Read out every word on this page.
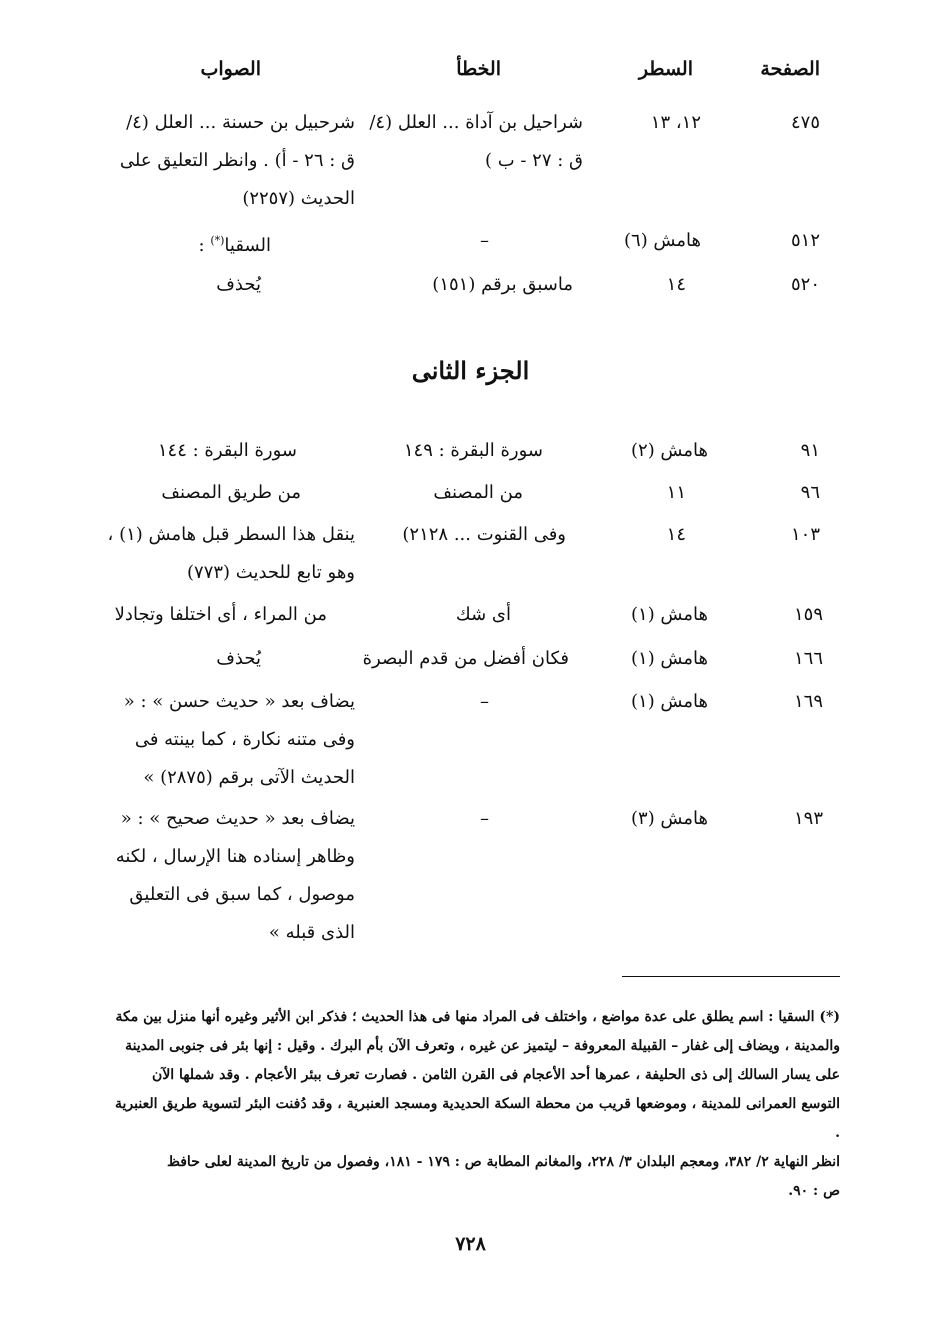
الصفحة
السطر
الخطأ
الصواب
٤٧٥
١٢، ١٣
شراحيل بن آداة ... العلل (٤/ ق : ٢٧ - ب )
شرحبيل بن حسنة ... العلل (٤/ ق : ٢٦ - أ) . وانظر التعليق على الحديث (٢٢٥٧)
٥١٢
هامش (٦)
–
السقيا(*) :
٥٢٠
١٤
ماسبق برقم (١٥١)
يُحذف
الجزء الثانى
٩١
هامش (٢)
سورة البقرة : ١٤٩
سورة البقرة : ١٤٤
٩٦
١١
من المصنف
من طريق المصنف
١٠٣
١٤
وفى القنوت ... ٢١٢٨)
ينقل هذا السطر قبل هامش (١) ، وهو تابع للحديث (٧٧٣)
١٥٩
هامش (١)
أى شك
من المراء ، أى اختلفا وتجادلا
١٦٦
هامش (١)
فكان أفضل من قدم البصرة
يُحذف
١٦٩
هامش (١)
–
يضاف بعد « حديث حسن » : « وفى متنه نكارة ، كما بينته فى الحديث الآتى برقم (٢٨٧٥) »
١٩٣
هامش (٣)
–
يضاف بعد « حديث صحيح » : « وظاهر إسناده هنا الإرسال ، لكنه موصول ، كما سبق فى التعليق الذى قبله »

(*) السقيا : اسم يطلق على عدة مواضع ، واختلف فى المراد منها فى هذا الحديث ؛ فذكر ابن الأثير وغيره أنها منزل بين مكة

والمدينة ، ويضاف إلى غفار – القبيلة المعروفة – ليتميز عن غيره ، وتعرف الآن بأم البرك . وقيل : إنها بئر فى جنوبى المدينة

على يسار السالك إلى ذى الحليفة ، عمرها أحد الأعجام فى القرن الثامن . فصارت تعرف ببئر الأعجام . وقد شملها الآن

التوسع العمرانى للمدينة ، وموضعها قريب من محطة السكة الحديدية ومسجد العنبرية ، وقد دُفنت البئر لتسوية طريق العنبرية .

انظر النهاية ٢/ ٣٨٢، ومعجم البلدان ٣/ ٢٢٨، والمغانم المطابة ص : ١٧٩ - ١٨١، وفصول من تاريخ المدينة لعلى حافظ

ص : ٩٠.

٧٢٨
